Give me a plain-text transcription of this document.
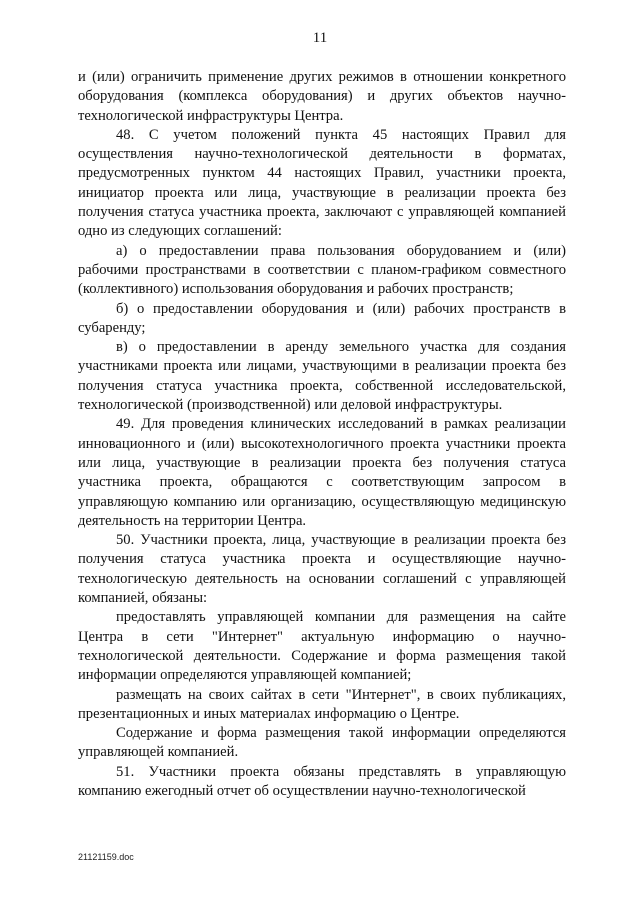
11

и (или) ограничить применение других режимов в отношении конкретного оборудования (комплекса оборудования) и других объектов научно-технологической инфраструктуры Центра.

48. С учетом положений пункта 45 настоящих Правил для осуществления научно-технологической деятельности в форматах, предусмотренных пунктом 44 настоящих Правил, участники проекта, инициатор проекта или лица, участвующие в реализации проекта без получения статуса участника проекта, заключают с управляющей компанией одно из следующих соглашений:

а) о предоставлении права пользования оборудованием и (или) рабочими пространствами в соответствии с планом-графиком совместного (коллективного) использования оборудования и рабочих пространств;

б) о предоставлении оборудования и (или) рабочих пространств в субаренду;

в) о предоставлении в аренду земельного участка для создания участниками проекта или лицами, участвующими в реализации проекта без получения статуса участника проекта, собственной исследовательской, технологической (производственной) или деловой инфраструктуры.

49. Для проведения клинических исследований в рамках реализации инновационного и (или) высокотехнологичного проекта участники проекта или лица, участвующие в реализации проекта без получения статуса участника проекта, обращаются с соответствующим запросом в управляющую компанию или организацию, осуществляющую медицинскую деятельность на территории Центра.

50. Участники проекта, лица, участвующие в реализации проекта без получения статуса участника проекта и осуществляющие научно-технологическую деятельность на основании соглашений с управляющей компанией, обязаны:

предоставлять управляющей компании для размещения на сайте Центра в сети "Интернет" актуальную информацию о научно-технологической деятельности. Содержание и форма размещения такой информации определяются управляющей компанией;

размещать на своих сайтах в сети "Интернет", в своих публикациях, презентационных и иных материалах информацию о Центре.

Содержание и форма размещения такой информации определяются управляющей компанией.

51. Участники проекта обязаны представлять в управляющую компанию ежегодный отчет об осуществлении научно-технологической

21121159.doc
